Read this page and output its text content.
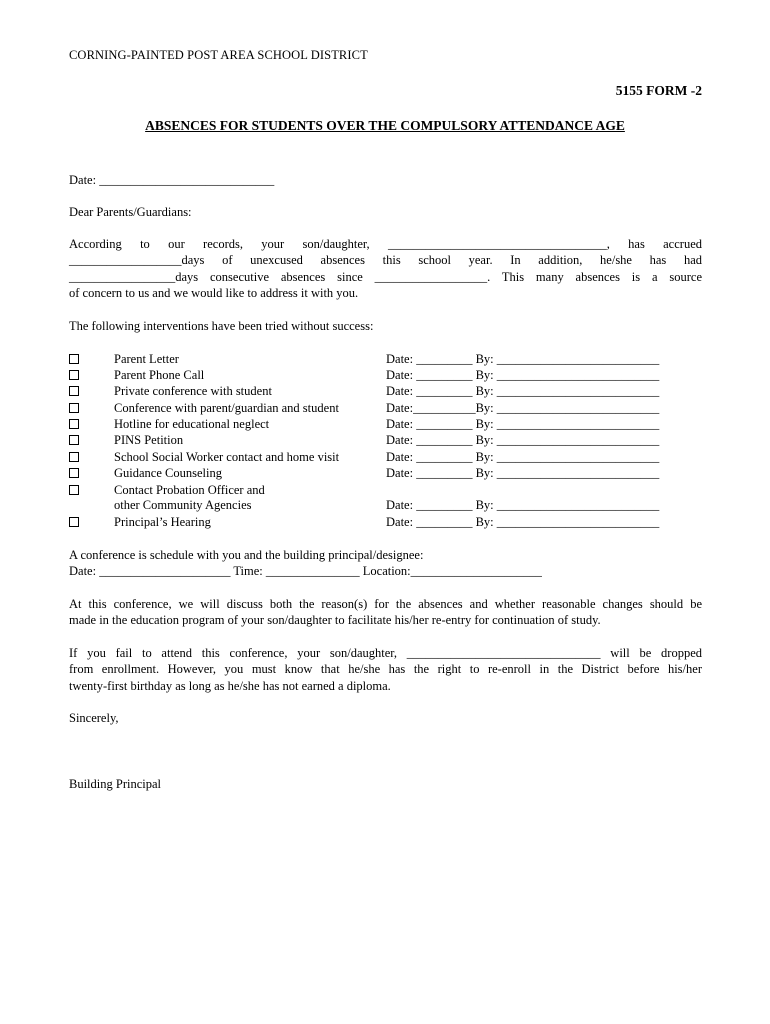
CORNING-PAINTED POST AREA SCHOOL DISTRICT
5155 FORM -2
ABSENCES FOR STUDENTS OVER THE COMPULSORY ATTENDANCE AGE
Date: ____________________________
Dear Parents/Guardians:
According to our records, your son/daughter, ___________________________________, has accrued
__________________days of unexcused absences this school year. In addition, he/she has had
_________________days consecutive absences since __________________. This many absences is a source
of concern to us and we would like to address it with you.
The following interventions have been tried without success:
Parent Letter	Date: _________ By: __________________________
Parent Phone Call	Date: _________ By: __________________________
Private conference with student	Date: _________ By: __________________________
Conference with parent/guardian and student	Date:__________By: __________________________
Hotline for educational neglect	Date: _________ By: __________________________
PINS Petition	Date: _________ By: __________________________
School Social Worker contact and home visit	Date: _________ By: __________________________
Guidance Counseling	Date: _________ By: __________________________
Contact Probation Officer and
other Community Agencies	Date: _________ By: __________________________
Principal’s Hearing	Date: _________ By: __________________________
A conference is schedule with you and the building principal/designee:
Date: _____________________ Time: _______________ Location:_____________________
At this conference, we will discuss both the reason(s) for the absences and whether reasonable changes should be
made in the education program of your son/daughter to facilitate his/her re-entry for continuation of study.
If you fail to attend this conference, your son/daughter, _______________________________ will be dropped
from enrollment. However, you must know that he/she has the right to re-enroll in the District before his/her
twenty-first birthday as long as he/she has not earned a diploma.
Sincerely,
Building Principal
